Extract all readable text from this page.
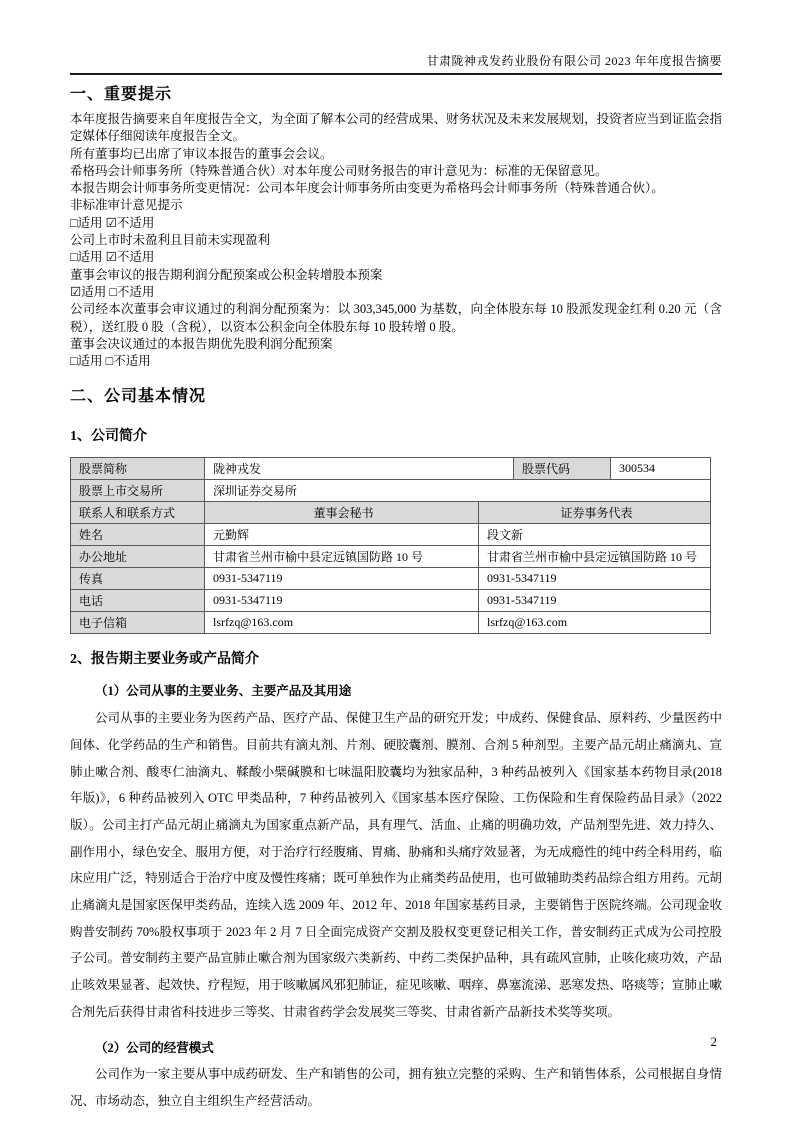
甘肃陇神戎发药业股份有限公司 2023 年年度报告摘要
一、重要提示

本年度报告摘要来自年度报告全文，为全面了解本公司的经营成果、财务状况及未来发展规划，投资者应当到证监会指定媒体仔细阅读年度报告全文。

所有董事均已出席了审议本报告的董事会会议。

希格玛会计师事务所（特殊普通合伙）对本年度公司财务报告的审计意见为：标准的无保留意见。

本报告期会计师事务所变更情况：公司本年度会计师事务所由变更为希格玛会计师事务所（特殊普通合伙）。

非标准审计意见提示

□适用 ☑不适用

公司上市时未盈利且目前未实现盈利

□适用 ☑不适用

董事会审议的报告期利润分配预案或公积金转增股本预案

☑适用 □不适用

公司经本次董事会审议通过的利润分配预案为：以 303,345,000 为基数，向全体股东每 10 股派发现金红利 0.20 元（含税），送红股 0 股（含税），以资本公积金向全体股东每 10 股转增 0 股。

董事会决议通过的本报告期优先股利润分配预案

□适用 □不适用

二、公司基本情况
1、公司简介
股票简称	陇神戎发		股票代码	300534
股票上市交易所	深圳证券交易所			
联系人和联系方式	董事会秘书	证券事务代表		
姓名	元勤辉	段文新		
办公地址	甘肃省兰州市榆中县定远镇国防路 10 号	甘肃省兰州市榆中县定远镇国防路 10 号		
传真	0931-5347119	0931-5347119		
电话	0931-5347119	0931-5347119		
电子信箱	lsrfzq@163.com	lsrfzq@163.com		
2、报告期主要业务或产品简介

（1）公司从事的主要业务、主要产品及其用途

公司从事的主要业务为医药产品、医疗产品、保健卫生产品的研究开发；中成药、保健食品、原料药、少量医药中间体、化学药品的生产和销售。目前共有滴丸剂、片剂、硬胶囊剂、膜剂、合剂 5 种剂型。主要产品元胡止痛滴丸、宣肺止嗽合剂、酸枣仁油滴丸、鞣酸小檗碱膜和七味温阳胶囊均为独家品种，3 种药品被列入《国家基本药物目录(2018 年版)》，6 种药品被列入 OTC 甲类品种，7 种药品被列入《国家基本医疗保险、工伤保险和生育保险药品目录》（2022 版）。公司主打产品元胡止痛滴丸为国家重点新产品，具有理气、活血、止痛的明确功效，产品剂型先进、效力持久、副作用小，绿色安全、服用方便，对于治疗行经腹痛、胃痛、胁痛和头痛疗效显著，为无成瘾性的纯中药全科用药，临床应用广泛，特别适合于治疗中度及慢性疼痛；既可单独作为止痛类药品使用，也可做辅助类药品综合组方用药。元胡止痛滴丸是国家医保甲类药品，连续入选 2009 年、2012 年、2018 年国家基药目录，主要销售于医院终端。公司现金收购普安制药 70%股权事项于 2023 年 2 月 7 日全面完成资产交割及股权变更登记相关工作，普安制药正式成为公司控股子公司。普安制药主要产品宣肺止嗽合剂为国家级六类新药、中药二类保护品种，具有疏风宣肺，止咳化痰功效，产品止咳效果显著、起效快、疗程短，用于咳嗽属风邪犯肺证，症见咳嗽、咽痒、鼻塞流涕、恶寒发热、咯痰等；宣肺止嗽合剂先后获得甘肃省科技进步三等奖、甘肃省药学会发展奖三等奖、甘肃省新产品新技术奖等奖项。

（2）公司的经营模式

公司作为一家主要从事中成药研发、生产和销售的公司，拥有独立完整的采购、生产和销售体系，公司根据自身情况、市场动态，独立自主组织生产经营活动。

2
